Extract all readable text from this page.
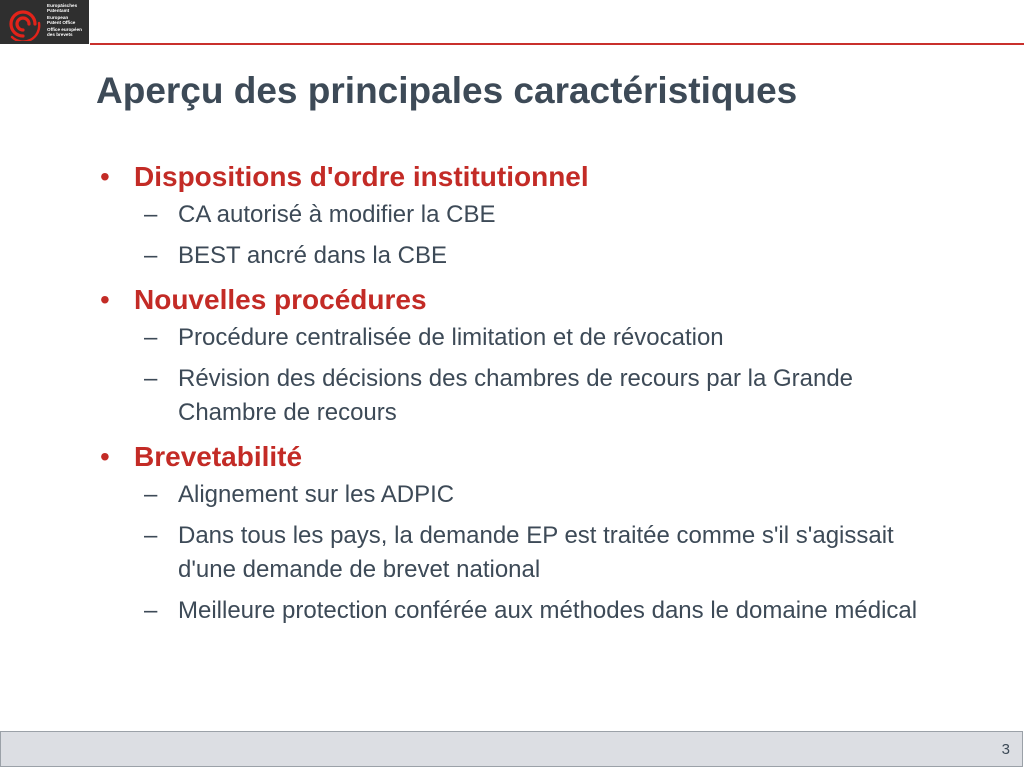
Europäisches
Patentamt
European
Patent Office
Office européen
des brevets
Aperçu des principales caractéristiques
• Dispositions d'ordre institutionnel
– CA autorisé à modifier la CBE
– BEST ancré dans la CBE
• Nouvelles procédures
– Procédure centralisée de limitation et de révocation
– Révision des décisions des chambres de recours par la Grande Chambre de recours
• Brevetabilité
– Alignement sur les ADPIC
– Dans tous les pays, la demande EP est traitée comme s'il s'agissait d'une demande de brevet national
– Meilleure protection conférée aux méthodes dans le domaine médical
3
